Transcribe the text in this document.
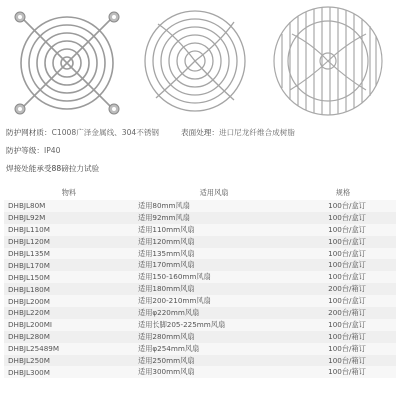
防护网材质： C1008广泽金属线、304不锈钢	表面处理： 进口尼龙纤维合成树脂
防护等级： IP40
焊接处能承受88磅拉力试验
物料	适用风扇	规格
DHBJL80M	适用80mm风扇	100台/盒订
DHBJL92M	适用92mm风扇	100台/盒订
DHBJL110M	适用110mm风扇	100台/盒订
DHBJL120M	适用120mm风扇	100台/盒订
DHBJL135M	适用135mm风扇	100台/盒订
DHBJL170M	适用170mm风扇	100台/盒订
DHBJL150M	适用150-160mm风扇	100台/盒订
DHBJL180M	适用180mm风扇	200台/箱订
DHBJL200M	适用200-210mm风扇	100台/盒订
DHBJL220M	适用φ220mm风扇	200台/箱订
DHBJL200MI	适用长脚205-225mm风扇	100台/盒订
DHBJL280M	适用280mm风扇	100台/箱订
DHBJL25489M	适用φ254mm风扇	100台/箱订
DHBJL250M	适用250mm风扇	100台/箱订
DHBJL300M	适用300mm风扇	100台/箱订
